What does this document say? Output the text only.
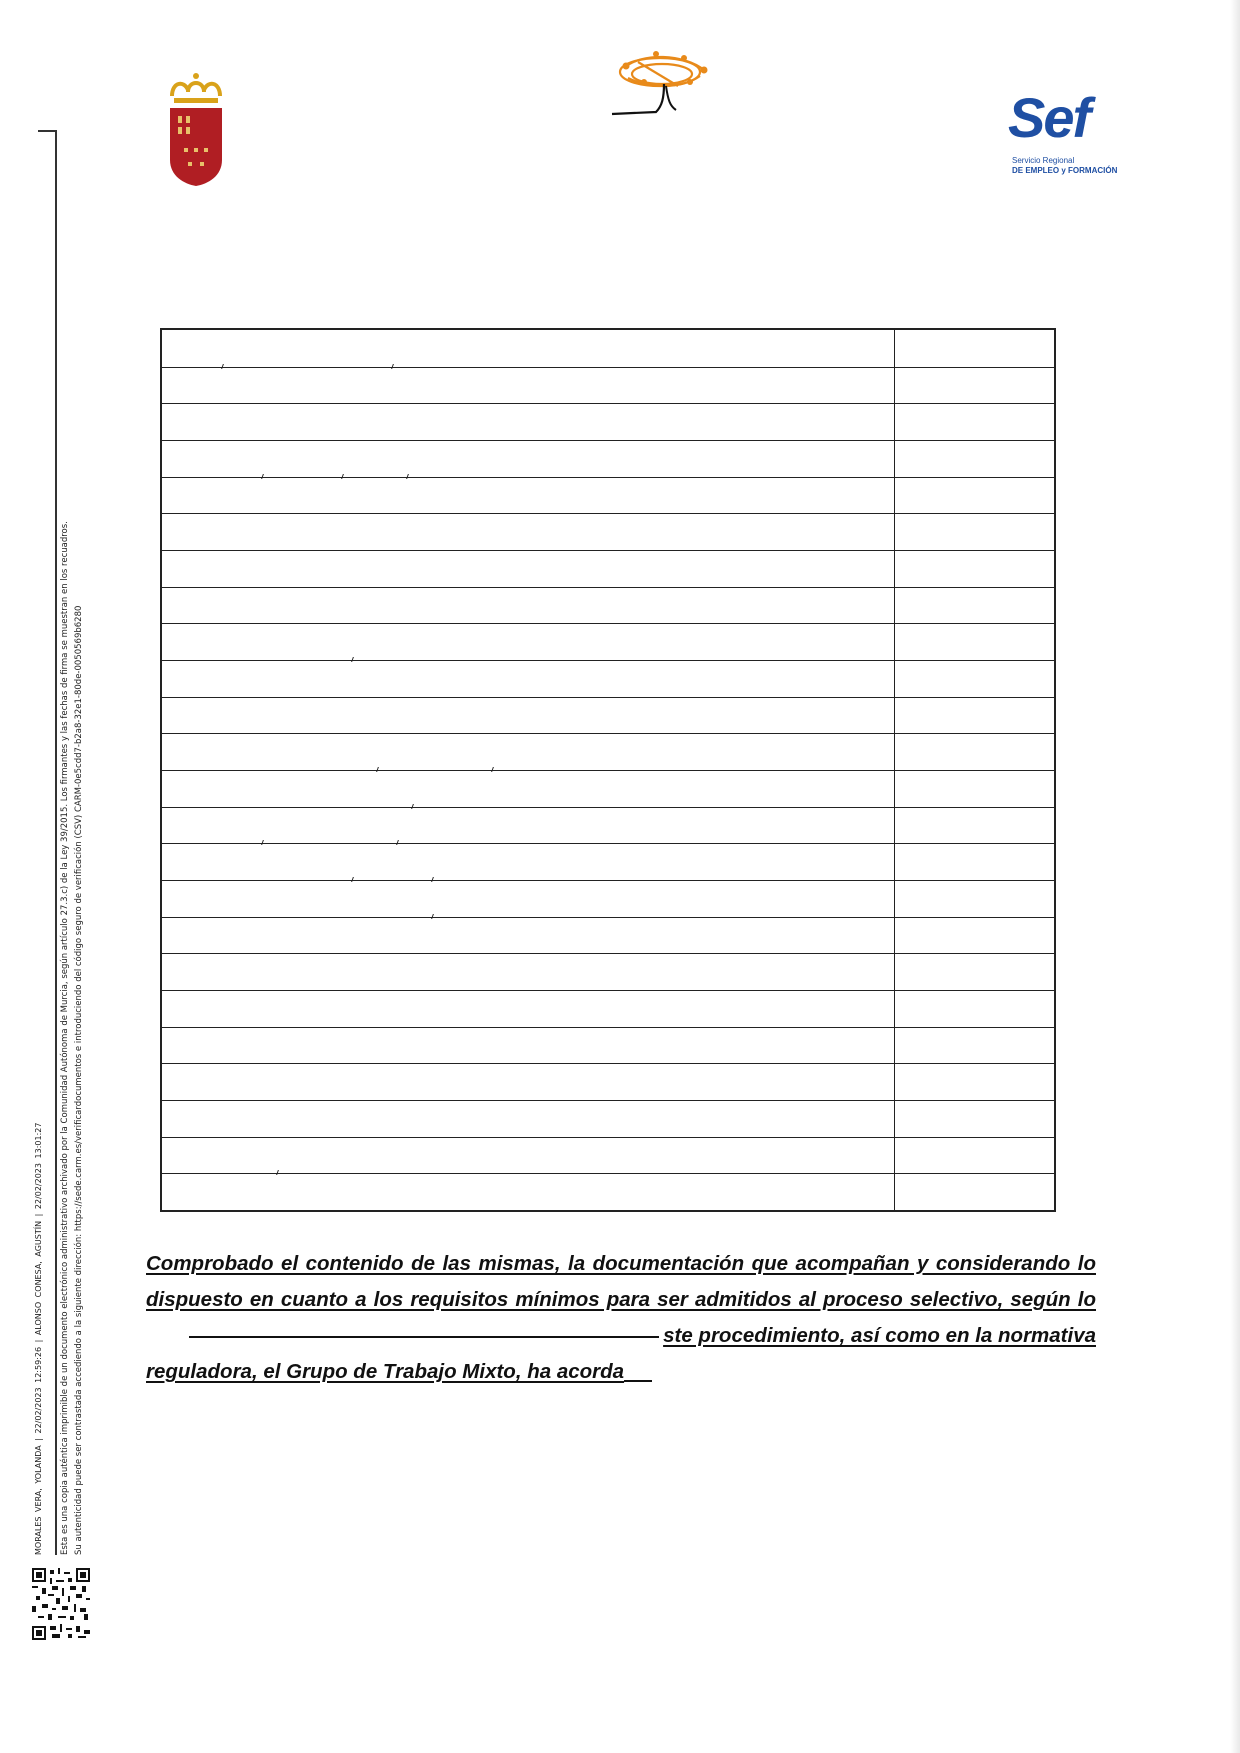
Sef
Servicio Regional
DE EMPLEO y FORMACIÓN
MORALES VERA, YOLANDA | 22/02/2023 12:59:26 | ALONSO CONESA, AGUSTÍN | 22/02/2023 13:01:27 Esta es una copia auténtica imprimible de un documento electrónico administrativo archivado por la Comunidad Autónoma de Murcia, según artículo 27.3.c) de la Ley 39/2015. Los firmantes y las fechas de firma se muestran en los recuadros. Su autenticidad puede ser contrastada accediendo a la siguiente dirección: https://sede.carm.es/verificardocumentos e introduciendo del código seguro de verificación (CSV) CARM-0e5cdd7-b2a8-32e1-80de-0050569b6280	Comprobado el contenido de las mismas, la documentación que acompañan y considerando lo
dispuesto en cuanto a los requisitos mínimos para ser admitidos al proceso selectivo, según lo
ste procedimiento, así como en la normativa
reguladora, el Grupo de Trabajo Mixto, ha acorda
